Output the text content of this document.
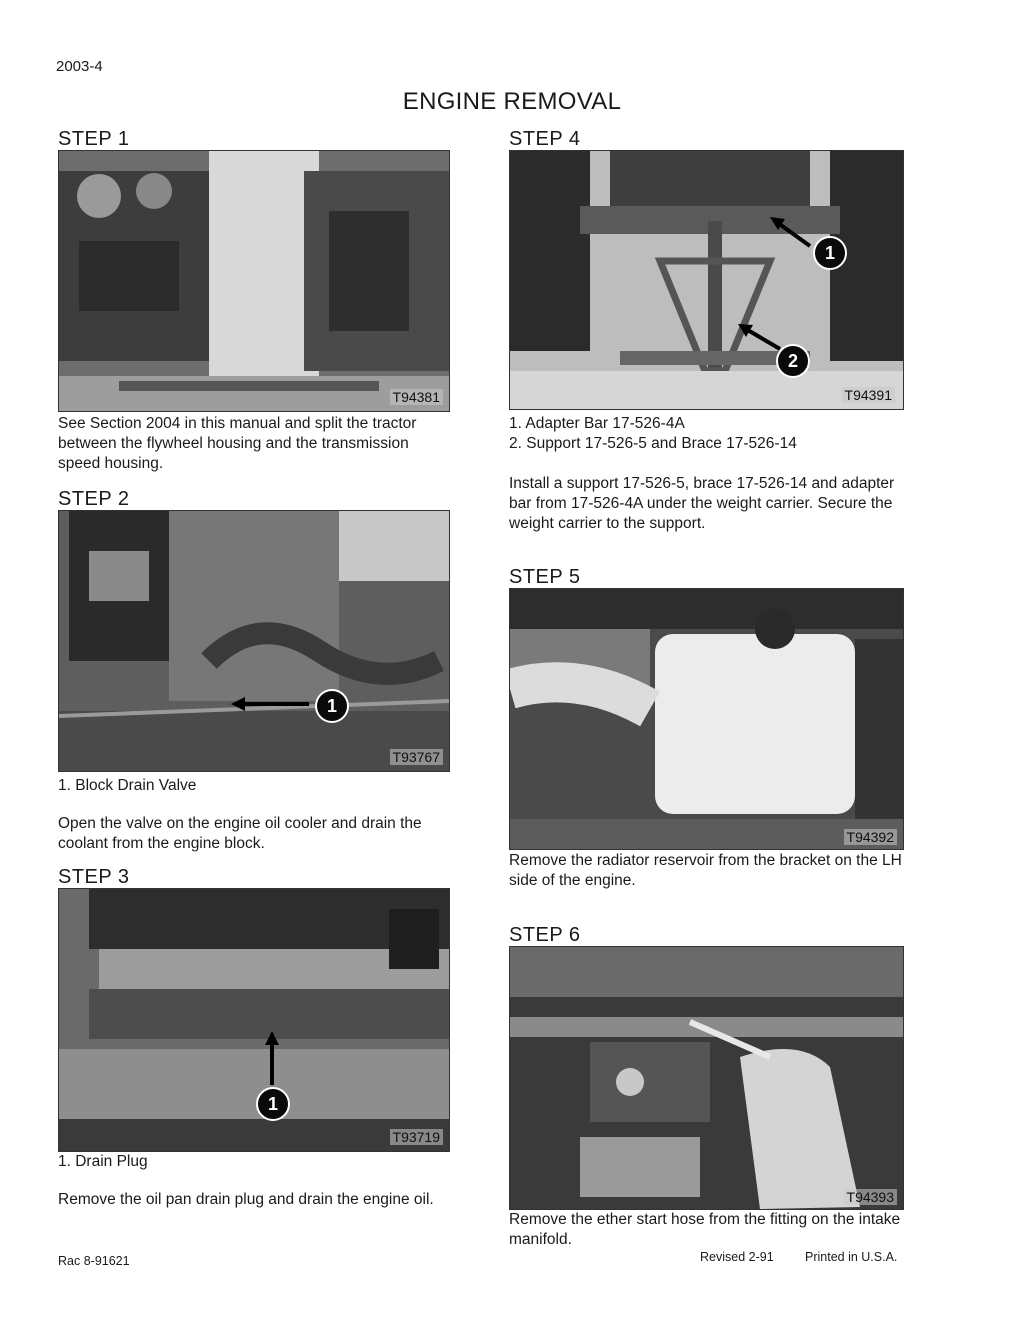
2003-4
ENGINE REMOVAL
STEP 1
T94381
See Section 2004 in this manual and split the tractor between the flywheel housing and the transmission speed housing.
STEP 2
1
T93767
1. Block Drain Valve
Open the valve on the engine oil cooler and drain the coolant from the engine block.
STEP 3
1
T93719
1. Drain Plug
Remove the oil pan drain plug and drain the engine oil.
STEP 4
1
2
T94391
1. Adapter Bar 17-526-4A
2. Support 17-526-5 and Brace 17-526-14
Install a support 17-526-5, brace 17-526-14 and adapter bar from 17-526-4A under the weight carrier. Secure the weight carrier to the support.
STEP 5
T94392
Remove the radiator reservoir from the bracket on the LH side of the engine.
STEP 6
T94393
Remove the ether start hose from the fitting on the intake manifold.
Rac 8-91621	Revised 2-91	Printed in U.S.A.
